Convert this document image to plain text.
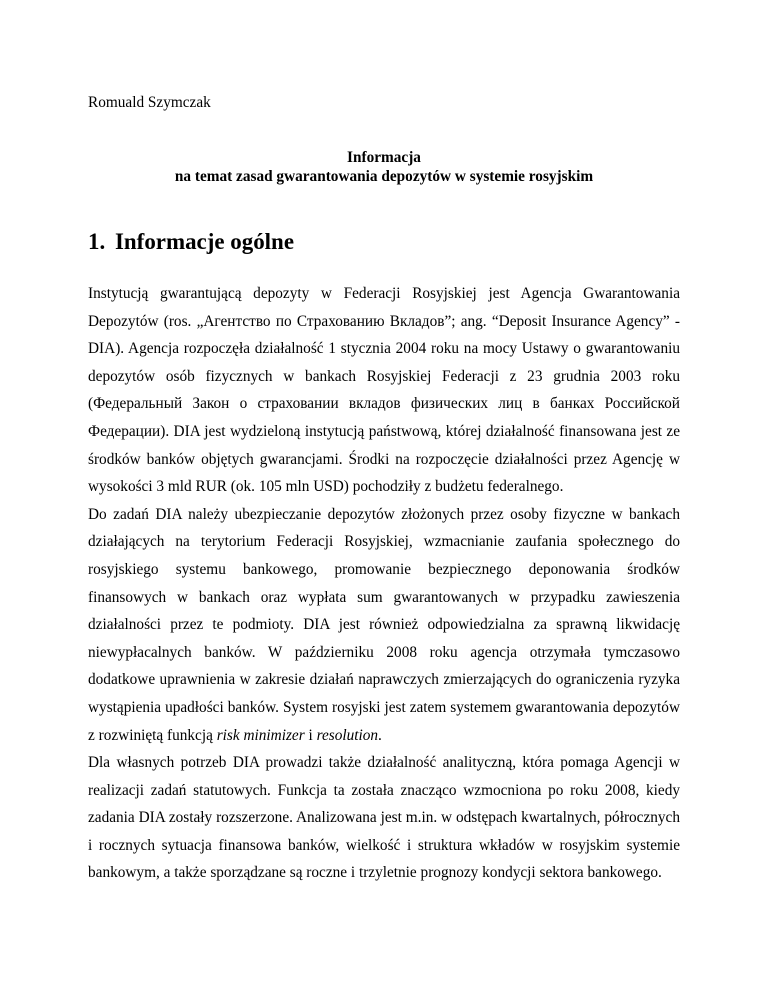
Romuald Szymczak

Informacja

na temat zasad gwarantowania depozytów w systemie rosyjskim

1. Informacje ogólne

Instytucją gwarantującą depozyty w Federacji Rosyjskiej jest Agencja Gwarantowania Depozytów (ros. „Агентство по Страхованию Вкладов”; ang. “Deposit Insurance Agency” - DIA). Agencja rozpoczęła działalność 1 stycznia 2004 roku na mocy Ustawy o gwarantowaniu depozytów osób fizycznych w bankach Rosyjskiej Federacji z 23 grudnia 2003 roku (Федеральный Закон о страховании вкладов физических лиц в банках Российской Федерации). DIA jest wydzieloną instytucją państwową, której działalność finansowana jest ze środków banków objętych gwarancjami. Środki na rozpoczęcie działalności przez Agencję w wysokości 3 mld RUR (ok. 105 mln USD) pochodziły z budżetu federalnego.

Do zadań DIA należy ubezpieczanie depozytów złożonych przez osoby fizyczne w bankach działających na terytorium Federacji Rosyjskiej, wzmacnianie zaufania społecznego do rosyjskiego systemu bankowego, promowanie bezpiecznego deponowania środków finansowych w bankach oraz wypłata sum gwarantowanych w przypadku zawieszenia działalności przez te podmioty. DIA jest również odpowiedzialna za sprawną likwidację niewypłacalnych banków. W październiku 2008 roku agencja otrzymała tymczasowo dodatkowe uprawnienia w zakresie działań naprawczych zmierzających do ograniczenia ryzyka wystąpienia upadłości banków. System rosyjski jest zatem systemem gwarantowania depozytów z rozwiniętą funkcją risk minimizer i resolution.

Dla własnych potrzeb DIA prowadzi także działalność analityczną, która pomaga Agencji w realizacji zadań statutowych. Funkcja ta została znacząco wzmocniona po roku 2008, kiedy zadania DIA zostały rozszerzone. Analizowana jest m.in. w odstępach kwartalnych, półrocznych i rocznych sytuacja finansowa banków, wielkość i struktura wkładów w rosyjskim systemie bankowym, a także sporządzane są roczne i trzyletnie prognozy kondycji sektora bankowego.
